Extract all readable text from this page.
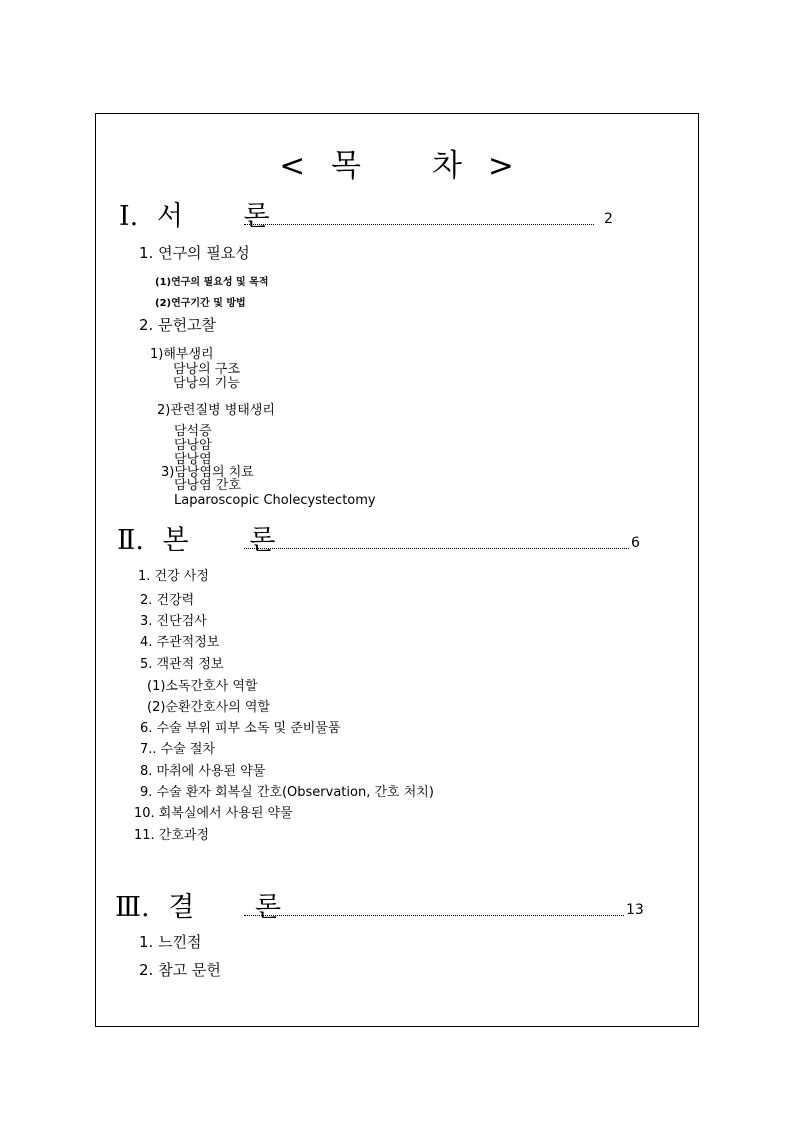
< 목 차 >
Ⅰ. 서 론	2
1. 연구의 필요성
(1)연구의 필요성 및 목적
(2)연구기간 및 방법
2. 문헌고찰
1)해부생리
담낭의 구조
담낭의 기능
2)관련질병 병태생리
담석증
담낭암
담낭염
3)담낭염의 치료
담낭염 간호
Laparoscopic Cholecystectomy
Ⅱ. 본 론	6
1. 건강 사정
2. 건강력
3. 진단검사
4. 주관적정보
5. 객관적 정보
(1)소독간호사 역할
(2)순환간호사의 역할
6. 수술 부위 피부 소독 및 준비물품
7.. 수술 절차
8. 마취에 사용된 약물
9. 수술 환자 회복실 간호(Observation, 간호 처치)
10. 회복실에서 사용된 약물
11. 간호과정
Ⅲ. 결 론	13
1. 느낀점
2. 참고 문헌
